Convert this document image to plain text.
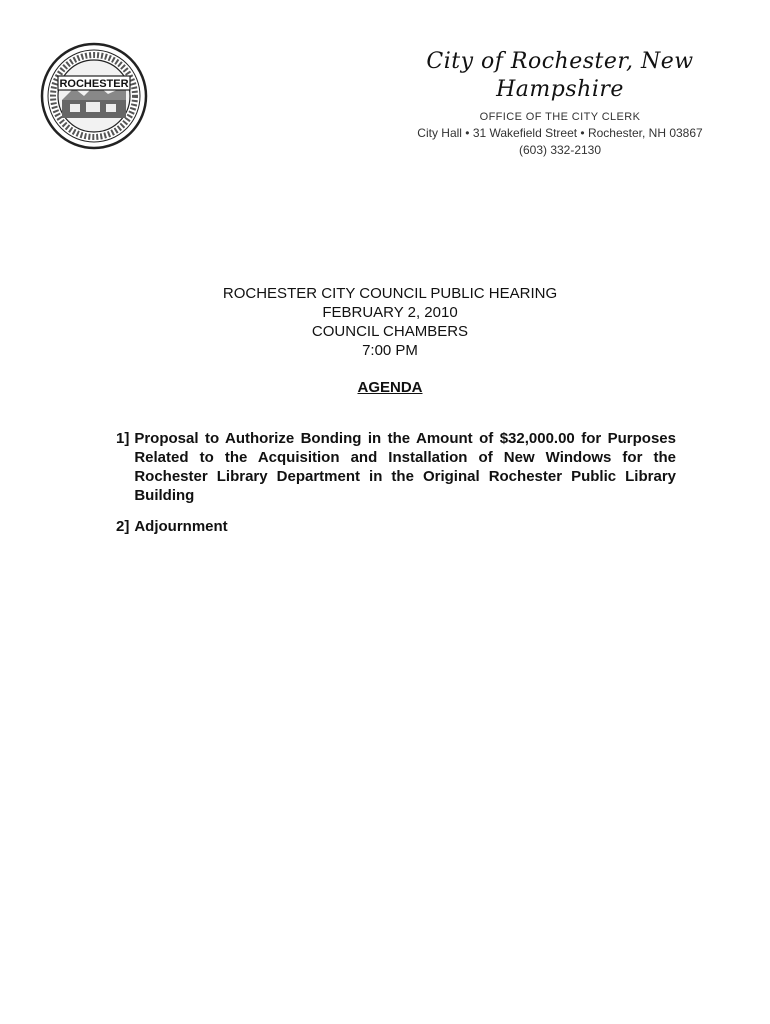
ROCHESTER

City of Rochester, New Hampshire

OFFICE OF THE CITY CLERK

City Hall • 31 Wakefield Street • Rochester, NH 03867

(603) 332-2130

ROCHESTER CITY COUNCIL PUBLIC HEARING
FEBRUARY 2, 2010
COUNCIL CHAMBERS
7:00 PM
AGENDA
1] Proposal to Authorize Bonding in the Amount of $32,000.00 for Purposes Related to the Acquisition and Installation of New Windows for the Rochester Library Department in the Original Rochester Public Library Building
2] Adjournment
